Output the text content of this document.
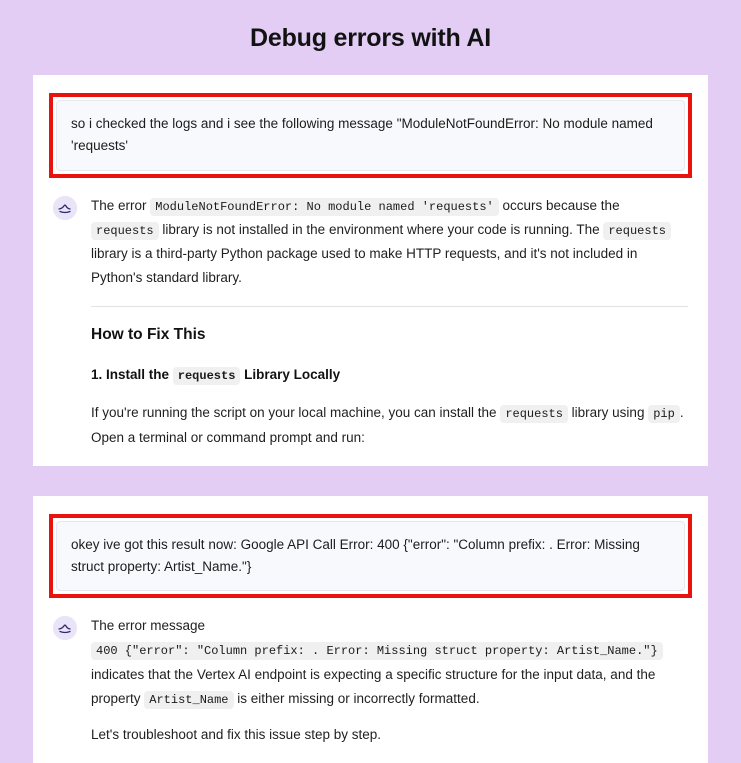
Debug errors with AI
so i checked the logs and i see the following message "ModuleNotFoundError: No module named 'requests'

The error ModuleNotFoundError: No module named 'requests' occurs because the requests library is not installed in the environment where your code is running. The requests library is a third-party Python package used to make HTTP requests, and it's not included in Python's standard library.

How to Fix This
1. Install the requests Library Locally

If you're running the script on your local machine, you can install the requests library using pip . Open a terminal or command prompt and run:

okey ive got this result now: Google API Call Error: 400 {"error": "Column prefix: . Error: Missing struct property: Artist_Name."}

The error message 400 {"error": "Column prefix: . Error: Missing struct property: Artist_Name."} indicates that the Vertex AI endpoint is expecting a specific structure for the input data, and the property Artist_Name is either missing or incorrectly formatted.

Let's troubleshoot and fix this issue step by step.
